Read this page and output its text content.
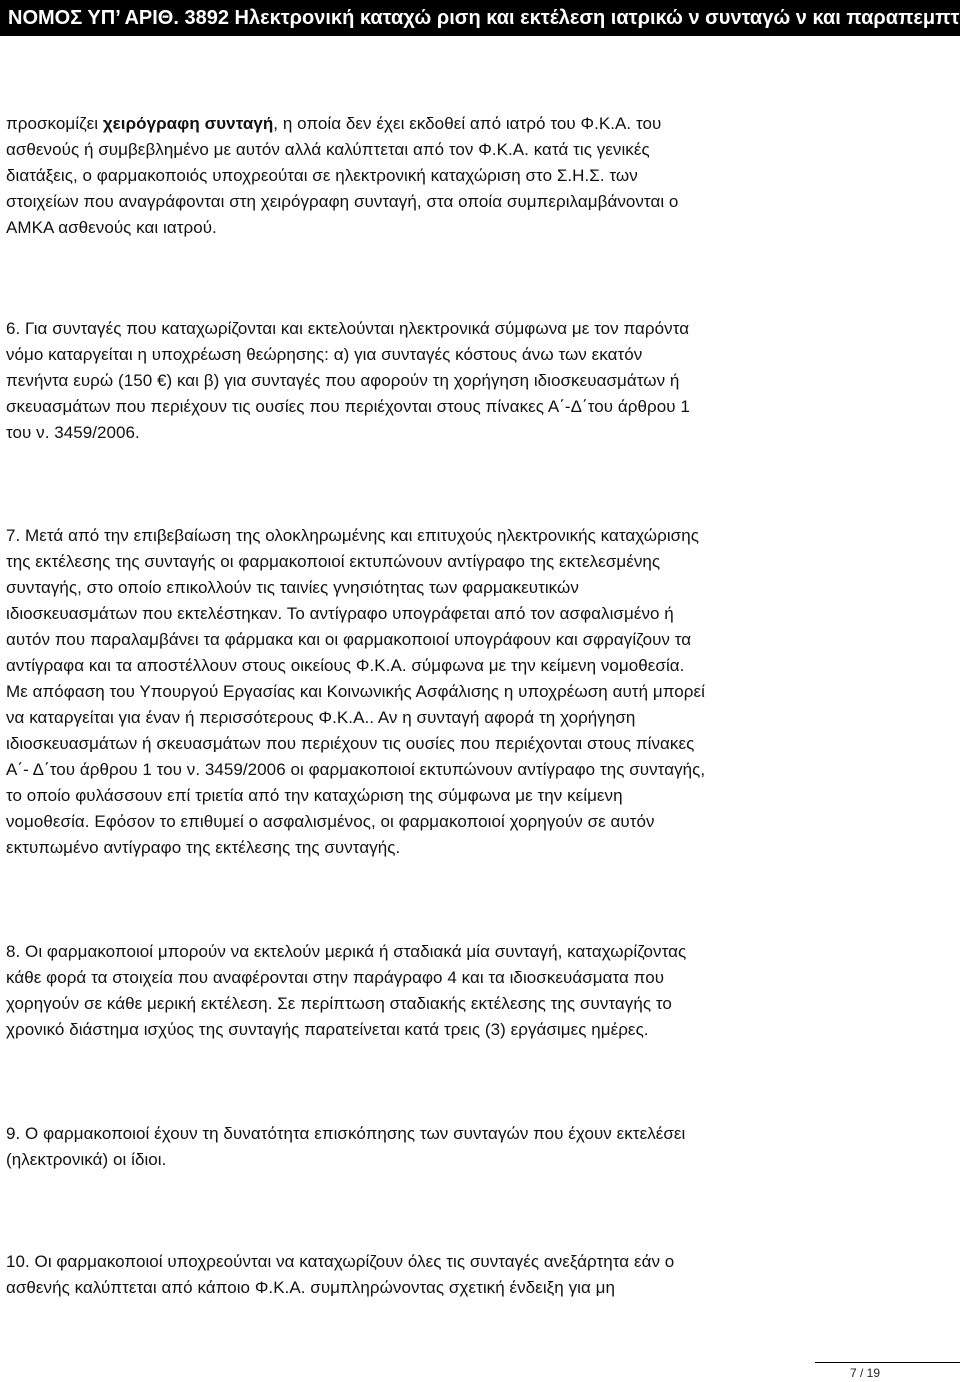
ΝΟΜΟΣ ΥΠ’ ΑΡΙΘ. 3892 Ηλεκτρονική καταχώ ριση και εκτέλεση ιατρικώ ν συνταγώ ν και παραπεμπτ
προσκομίζει χειρόγραφη συνταγή, η οποία δεν έχει εκδοθεί από ιατρό του Φ.Κ.Α. του
ασθενούς ή συμβεβλημένο με αυτόν αλλά καλύπτεται από τον Φ.Κ.Α. κατά τις γενικές
διατάξεις, ο φαρμακοποιός υποχρεούται σε ηλεκτρονική καταχώριση στο Σ.Η.Σ. των
στοιχείων που αναγράφονται στη χειρόγραφη συνταγή, στα οποία συμπεριλαμβάνονται ο
ΑΜΚΑ ασθενούς και ιατρού.
6. Για συνταγές που καταχωρίζονται και εκτελούνται ηλεκτρονικά σύμφωνα με τον παρόντα
νόμο καταργείται η υποχρέωση θεώρησης: α) για συνταγές κόστους άνω των εκατόν
πενήντα ευρώ (150 €) και β) για συνταγές που αφορούν τη χορήγηση ιδιοσκευασμάτων ή
σκευασμάτων που περιέχουν τις ουσίες που περιέχονται στους πίνακες Α΄-Δ΄του άρθρου 1
του ν. 3459/2006.
7. Μετά από την επιβεβαίωση της ολοκληρωμένης και επιτυχούς ηλεκτρονικής καταχώρισης
της εκτέλεσης της συνταγής οι φαρμακοποιοί εκτυπώνουν αντίγραφο της εκτελεσμένης
συνταγής, στο οποίο επικολλούν τις ταινίες γνησιότητας των φαρμακευτικών
ιδιοσκευασμάτων που εκτελέστηκαν. Το αντίγραφο υπογράφεται από τον ασφαλισμένο ή
αυτόν που παραλαμβάνει τα φάρμακα και οι φαρμακοποιοί υπογράφουν και σφραγίζουν τα
αντίγραφα και τα αποστέλλουν στους οικείους Φ.Κ.Α. σύμφωνα με την κείμενη νομοθεσία.
Με απόφαση του Υπουργού Εργασίας και Κοινωνικής Ασφάλισης η υποχρέωση αυτή μπορεί
να καταργείται για έναν ή περισσότερους Φ.Κ.Α.. Αν η συνταγή αφορά τη χορήγηση
ιδιοσκευασμάτων ή σκευασμάτων που περιέχουν τις ουσίες που περιέχονται στους πίνακες
Α΄- Δ΄του άρθρου 1 του ν. 3459/2006 οι φαρμακοποιοί εκτυπώνουν αντίγραφο της συνταγής,
το οποίο φυλάσσουν επί τριετία από την καταχώριση της σύμφωνα με την κείμενη
νομοθεσία. Εφόσον το επιθυμεί ο ασφαλισμένος, οι φαρμακοποιοί χορηγούν σε αυτόν
εκτυπωμένο αντίγραφο της εκτέλεσης της συνταγής.
8. Οι φαρμακοποιοί μπορούν να εκτελούν μερικά ή σταδιακά μία συνταγή, καταχωρίζοντας
κάθε φορά τα στοιχεία που αναφέρονται στην παράγραφο 4 και τα ιδιοσκευάσματα που
χορηγούν σε κάθε μερική εκτέλεση. Σε περίπτωση σταδιακής εκτέλεσης της συνταγής το
χρονικό διάστημα ισχύος της συνταγής παρατείνεται κατά τρεις (3) εργάσιμες ημέρες.
9. Ο φαρμακοποιοί έχουν τη δυνατότητα επισκόπησης των συνταγών που έχουν εκτελέσει
(ηλεκτρονικά) οι ίδιοι.
10. Οι φαρμακοποιοί υποχρεούνται να καταχωρίζουν όλες τις συνταγές ανεξάρτητα εάν ο
ασθενής καλύπτεται από κάποιο Φ.Κ.Α. συμπληρώνοντας σχετική ένδειξη για μη
7 / 19
